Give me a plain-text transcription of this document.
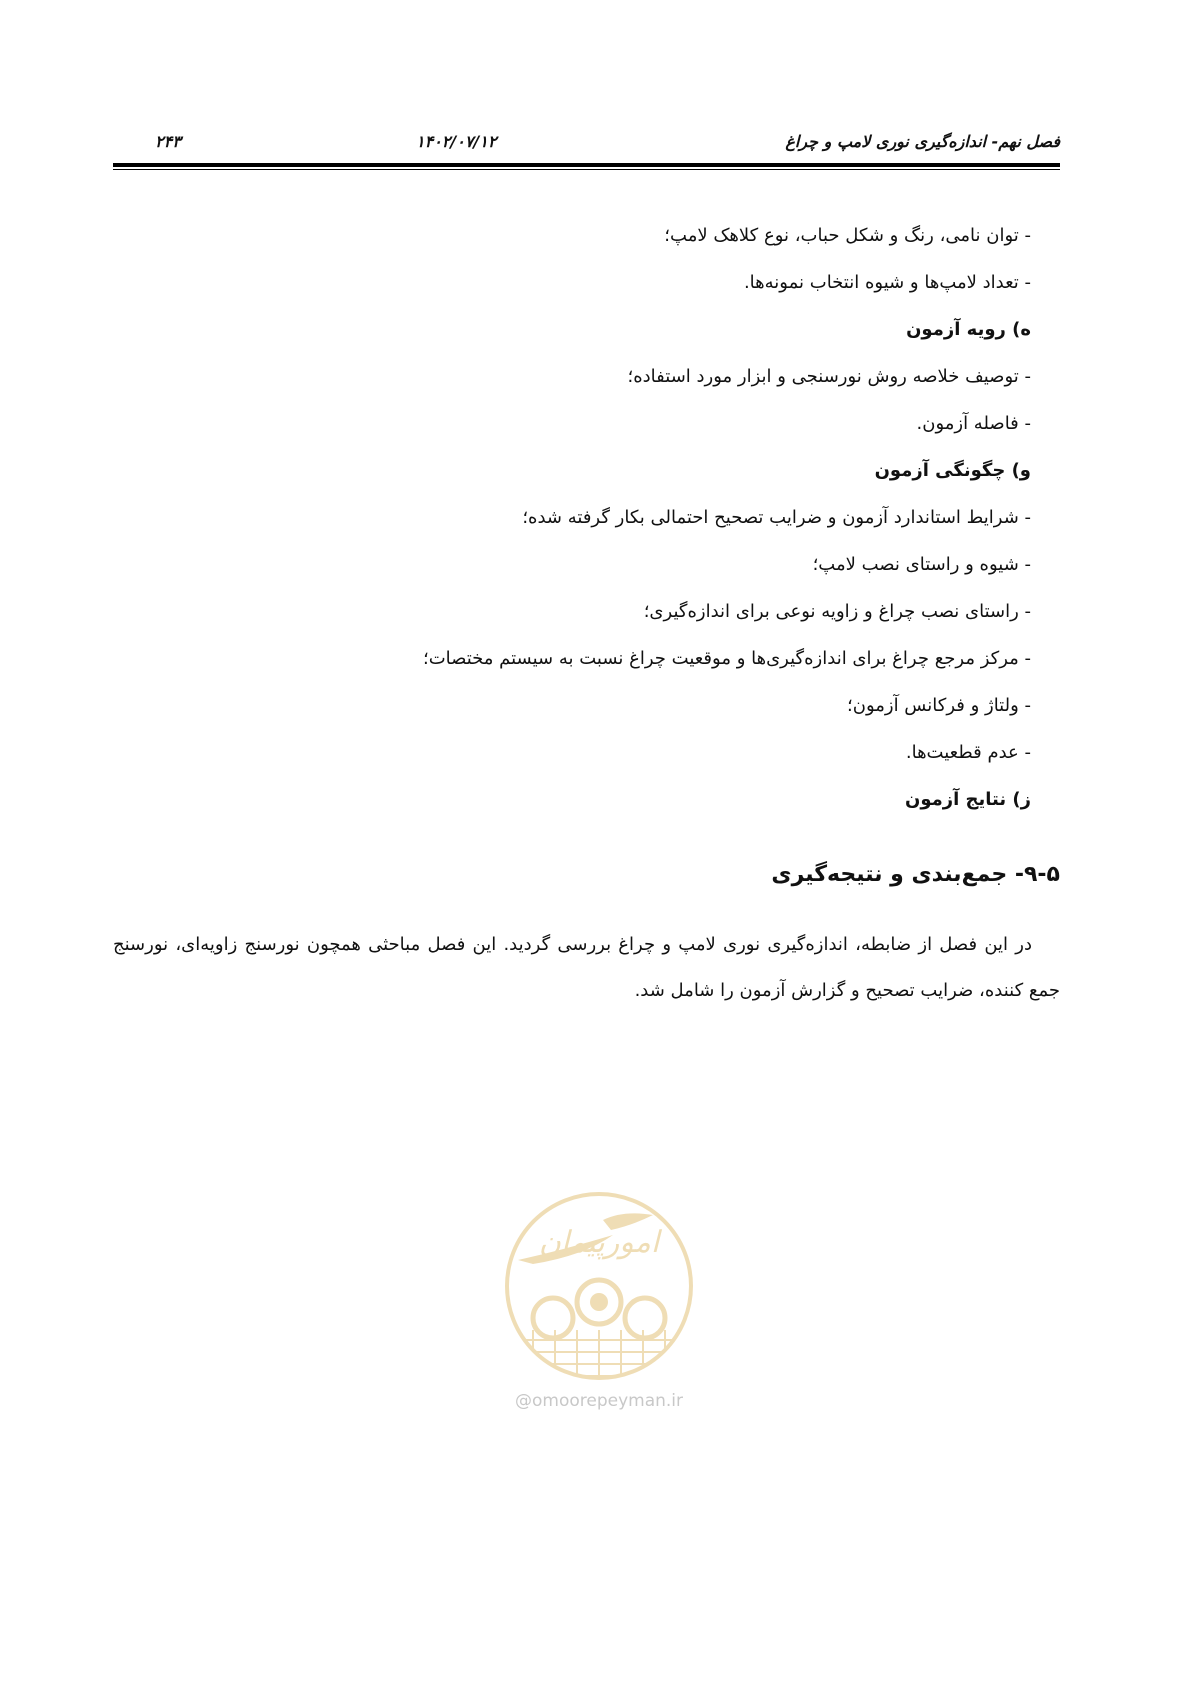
فصل نهم- اندازه‌گیری نوری لامپ و چراغ
۱۴۰۲/۰۷/۱۲
۲۴۳
- توان نامی، رنگ و شکل حباب، نوع کلاهک لامپ؛
- تعداد لامپ‌ها و شیوه انتخاب نمونه‌ها.
ه) رویه آزمون
- توصیف خلاصه روش نورسنجی و ابزار مورد استفاده؛
- فاصله آزمون.
و) چگونگی آزمون
- شرایط استاندارد آزمون و ضرایب تصحیح احتمالی بکار گرفته شده؛
- شیوه و راستای نصب لامپ؛
- راستای نصب چراغ و زاویه نوعی برای اندازه‌گیری؛
- مرکز مرجع چراغ برای اندازه‌گیری‌ها و موقعیت چراغ نسبت به سیستم مختصات؛
- ولتاژ و فرکانس آزمون؛
- عدم قطعیت‌ها.
ز) نتایج آزمون
۹-۵- جمع‌بندی و نتیجه‌گیری
در این فصل از ضابطه، اندازه‌گیری نوری لامپ و چراغ بررسی گردید. این فصل مباحثی همچون نورسنج زاویه‌ای، نورسنج جمع کننده، ضرایب تصحیح و گزارش آزمون را شامل شد.
امورپیمان
@omoorepeyman.ir
